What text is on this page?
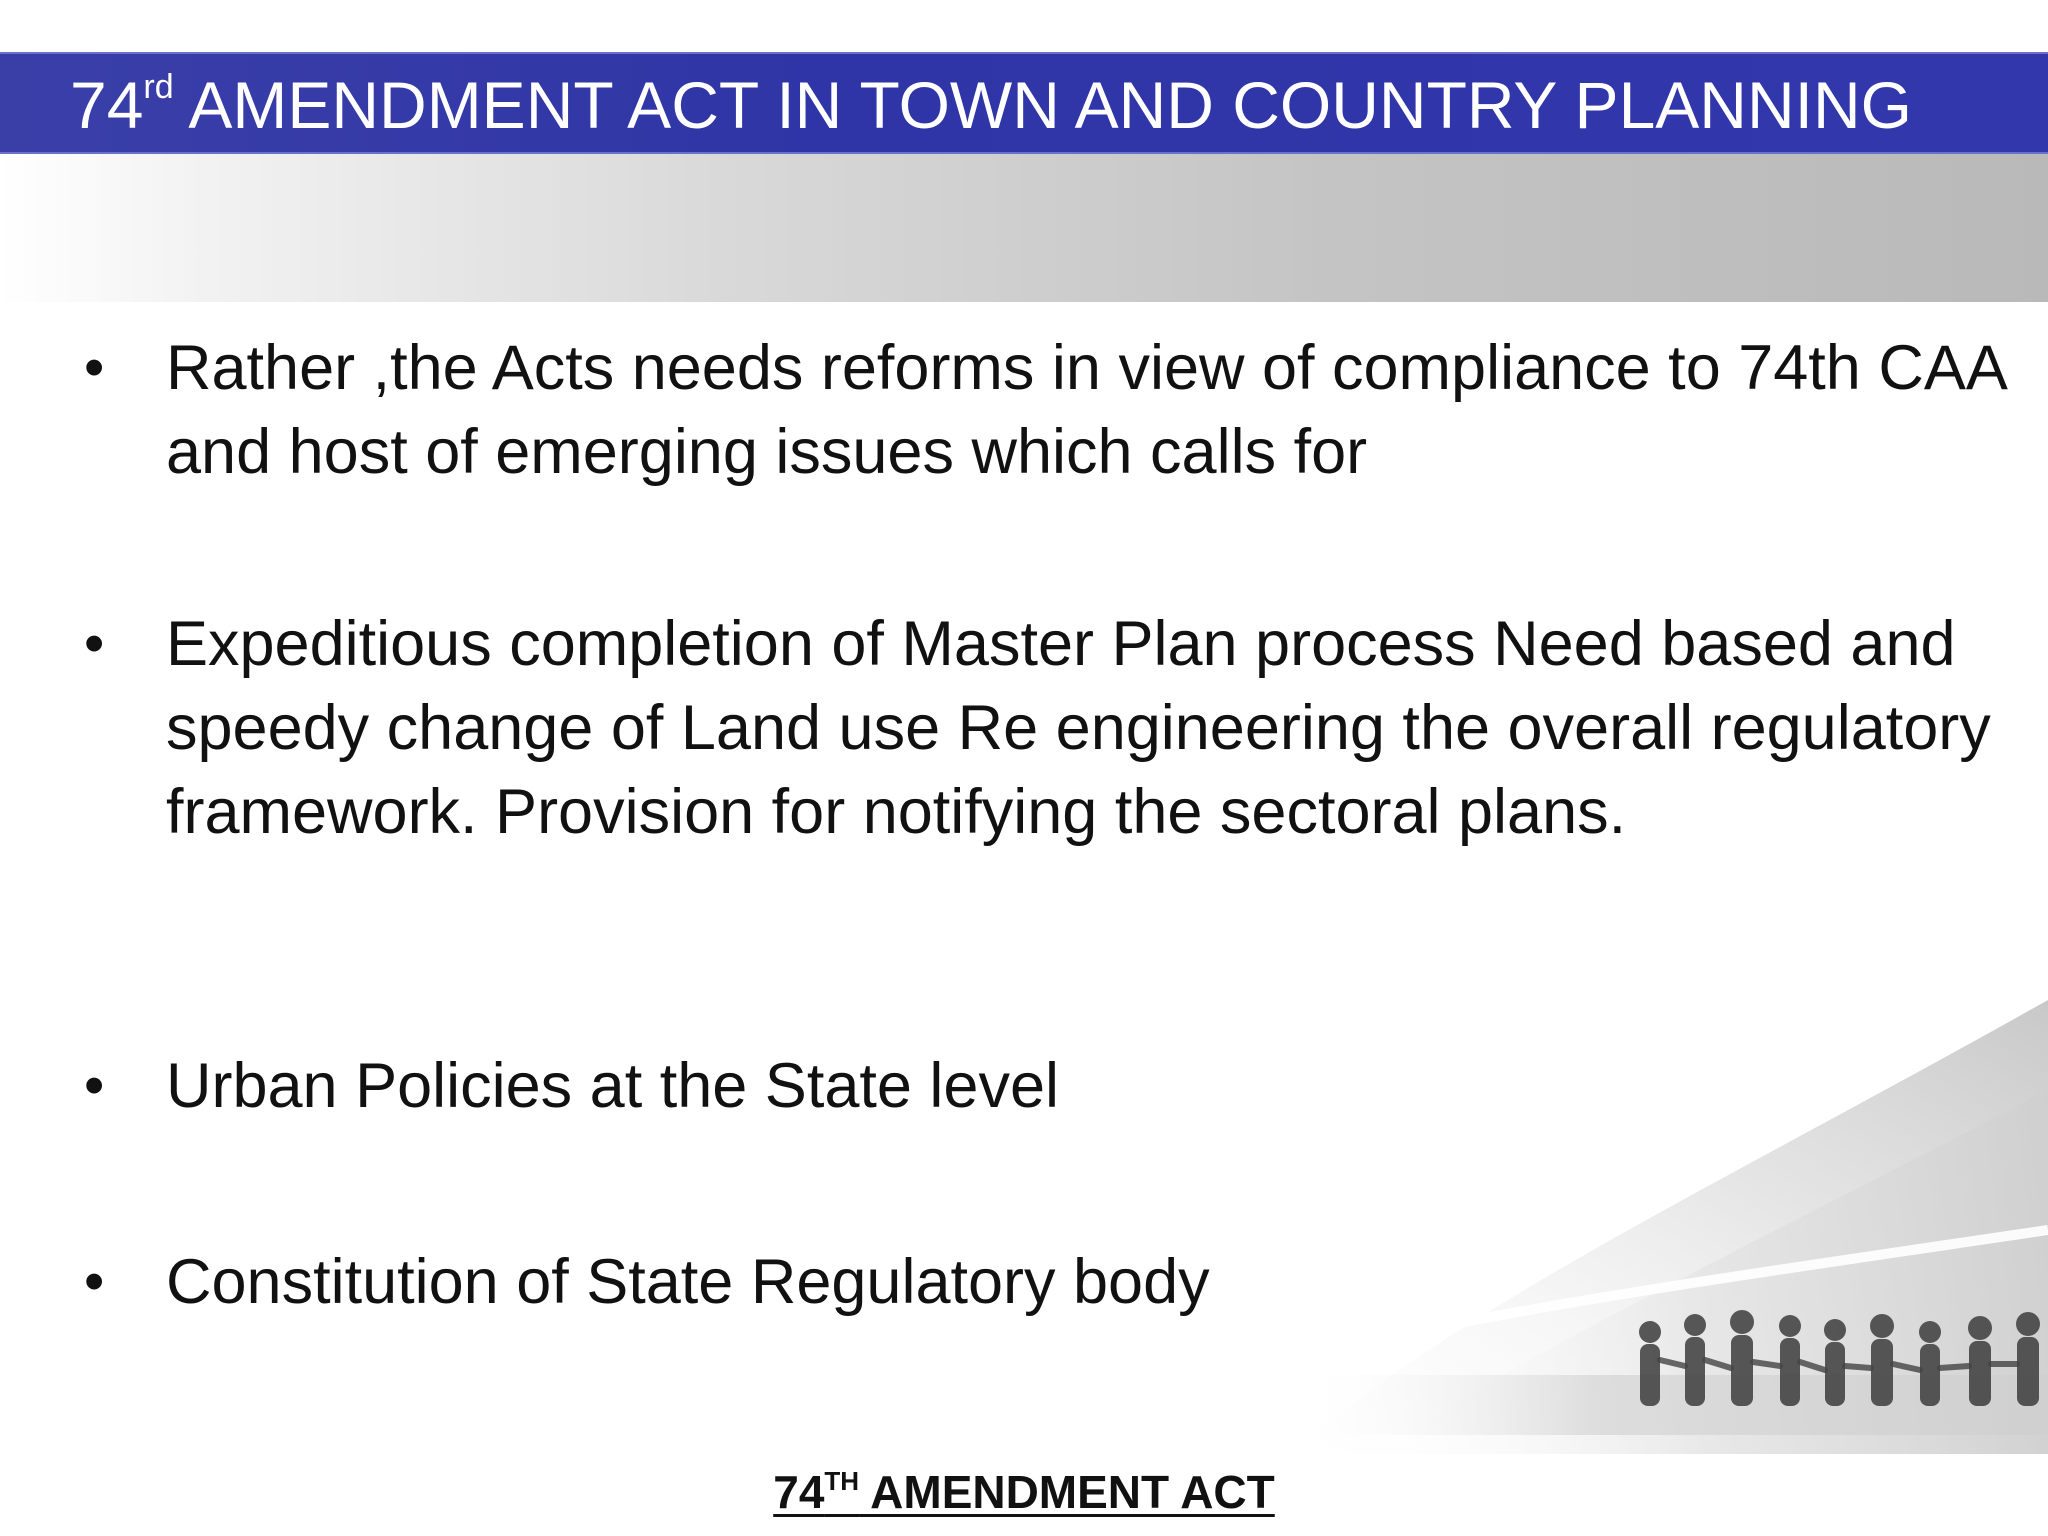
74rd AMENDMENT ACT IN TOWN AND COUNTRY PLANNING
• Rather ,the Acts needs reforms in view of compliance to 74th CAA and host of emerging issues which calls for
• Expeditious completion of Master Plan process Need based and speedy change of Land use Re engineering the overall regulatory framework. Provision for notifying the sectoral plans.
• Urban Policies at the State level
• Constitution of State Regulatory body
74TH AMENDMENT ACT
